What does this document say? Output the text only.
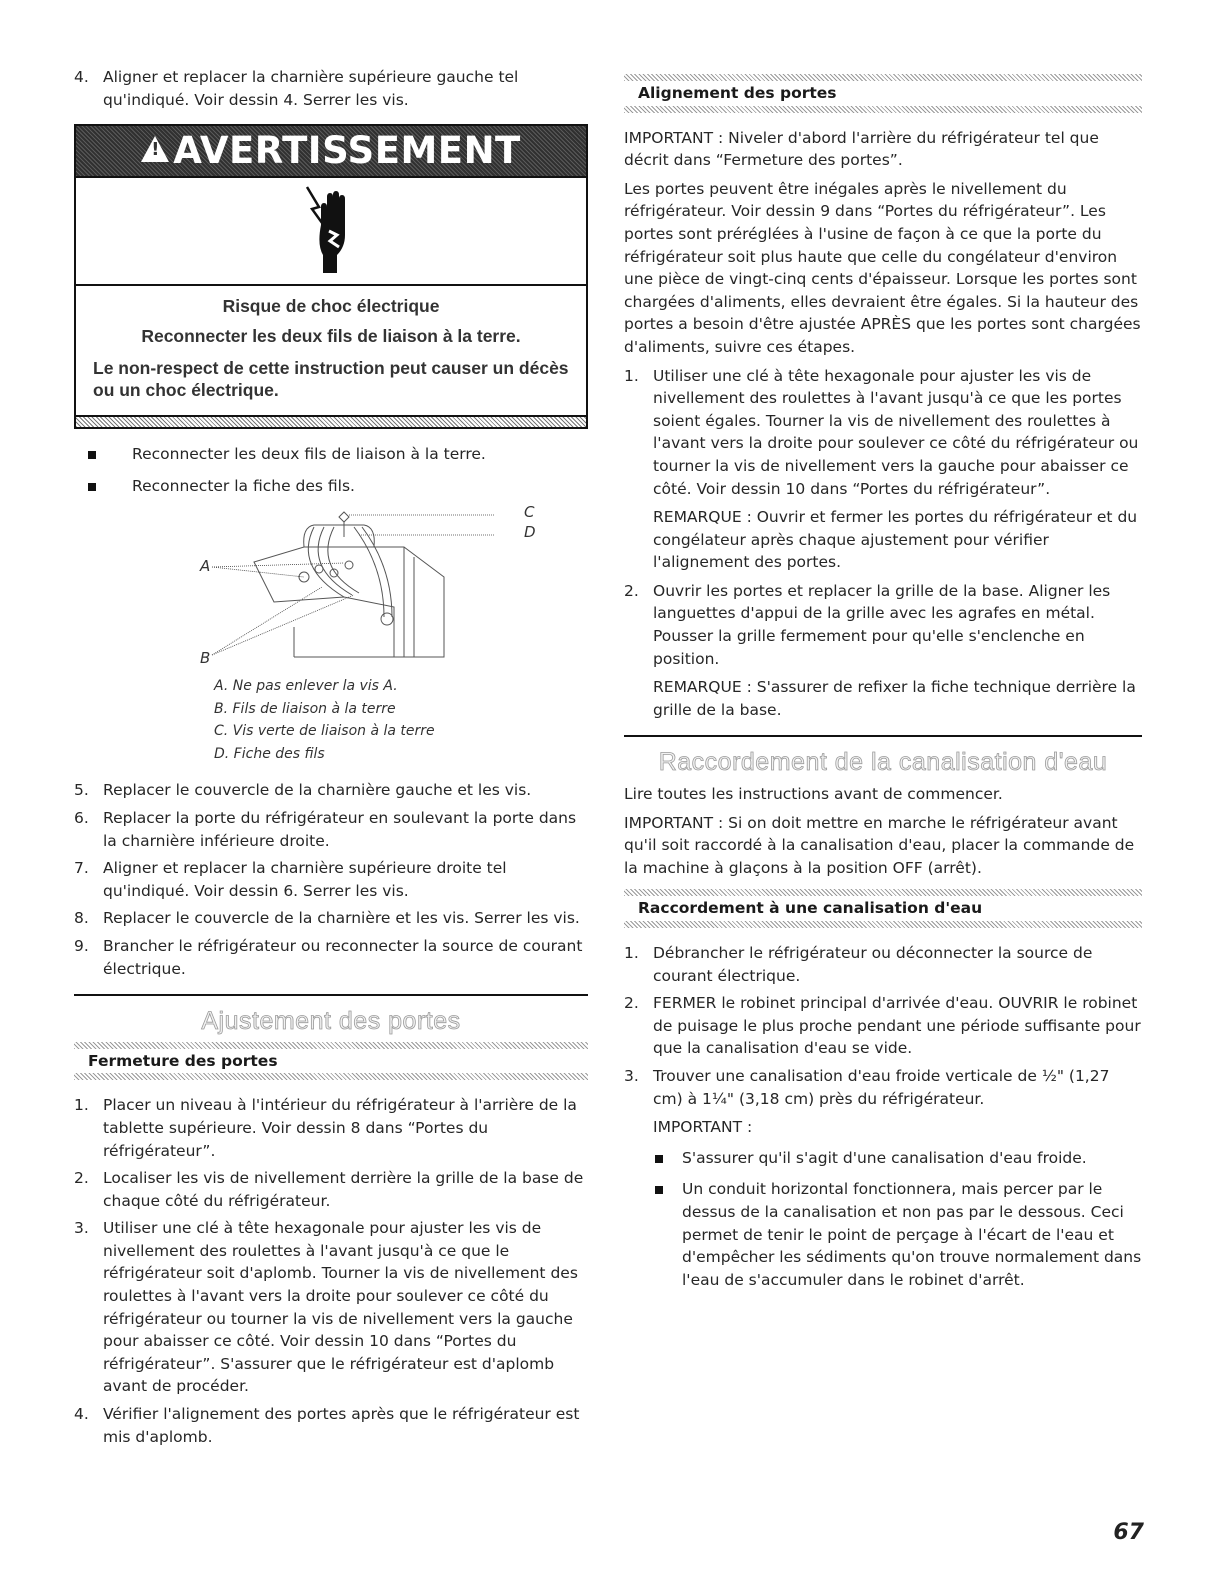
4. Aligner et replacer la charnière supérieure gauche tel qu'indiqué. Voir dessin 4. Serrer les vis.
!
AVERTISSEMENT
Risque de choc électrique
Reconnecter les deux fils de liaison à la terre.
Le non-respect de cette instruction peut causer un décès ou un choc électrique.
Reconnecter les deux fils de liaison à la terre.
Reconnecter la fiche des fils.
A
B
C
D
A. Ne pas enlever la vis A.
B. Fils de liaison à la terre
C. Vis verte de liaison à la terre
D. Fiche des fils
5. Replacer le couvercle de la charnière gauche et les vis.
6. Replacer la porte du réfrigérateur en soulevant la porte dans la charnière inférieure droite.
7. Aligner et replacer la charnière supérieure droite tel qu'indiqué. Voir dessin 6. Serrer les vis.
8. Replacer le couvercle de la charnière et les vis. Serrer les vis.
9. Brancher le réfrigérateur ou reconnecter la source de courant électrique.
Ajustement des portes
Fermeture des portes
1. Placer un niveau à l'intérieur du réfrigérateur à l'arrière de la tablette supérieure. Voir dessin 8 dans “Portes du réfrigérateur”.
2. Localiser les vis de nivellement derrière la grille de la base de chaque côté du réfrigérateur.
3. Utiliser une clé à tête hexagonale pour ajuster les vis de nivellement des roulettes à l'avant jusqu'à ce que le réfrigérateur soit d'aplomb. Tourner la vis de nivellement des roulettes à l'avant vers la droite pour soulever ce côté du réfrigérateur ou tourner la vis de nivellement vers la gauche pour abaisser ce côté. Voir dessin 10 dans “Portes du réfrigérateur”. S'assurer que le réfrigérateur est d'aplomb avant de procéder.
4. Vérifier l'alignement des portes après que le réfrigérateur est mis d'aplomb.
Alignement des portes

IMPORTANT : Niveler d'abord l'arrière du réfrigérateur tel que décrit dans “Fermeture des portes”.

Les portes peuvent être inégales après le nivellement du réfrigérateur. Voir dessin 9 dans “Portes du réfrigérateur”. Les portes sont préréglées à l'usine de façon à ce que la porte du réfrigérateur soit plus haute que celle du congélateur d'environ une pièce de vingt-cinq cents d'épaisseur. Lorsque les portes sont chargées d'aliments, elles devraient être égales. Si la hauteur des portes a besoin d'être ajustée APRÈS que les portes sont chargées d'aliments, suivre ces étapes.

1. Utiliser une clé à tête hexagonale pour ajuster les vis de nivellement des roulettes à l'avant jusqu'à ce que les portes soient égales. Tourner la vis de nivellement des roulettes à l'avant vers la droite pour soulever ce côté du réfrigérateur ou tourner la vis de nivellement vers la gauche pour abaisser ce côté. Voir dessin 10 dans “Portes du réfrigérateur”.

REMARQUE : Ouvrir et fermer les portes du réfrigérateur et du congélateur après chaque ajustement pour vérifier l'alignement des portes.

2. Ouvrir les portes et replacer la grille de la base. Aligner les languettes d'appui de la grille avec les agrafes en métal. Pousser la grille fermement pour qu'elle s'enclenche en position.

REMARQUE : S'assurer de refixer la fiche technique derrière la grille de la base.

Raccordement de la canalisation d'eau

Lire toutes les instructions avant de commencer.

IMPORTANT : Si on doit mettre en marche le réfrigérateur avant qu'il soit raccordé à la canalisation d'eau, placer la commande de la machine à glaçons à la position OFF (arrêt).

Raccordement à une canalisation d'eau
1. Débrancher le réfrigérateur ou déconnecter la source de courant électrique.
2. FERMER le robinet principal d'arrivée d'eau. OUVRIR le robinet de puisage le plus proche pendant une période suffisante pour que la canalisation d'eau se vide.
3. Trouver une canalisation d'eau froide verticale de ½" (1,27 cm) à 1¼" (3,18 cm) près du réfrigérateur.

IMPORTANT :

S'assurer qu'il s'agit d'une canalisation d'eau froide.
Un conduit horizontal fonctionnera, mais percer par le dessus de la canalisation et non pas par le dessous. Ceci permet de tenir le point de perçage à l'écart de l'eau et d'empêcher les sédiments qu'on trouve normalement dans l'eau de s'accumuler dans le robinet d'arrêt.
67
